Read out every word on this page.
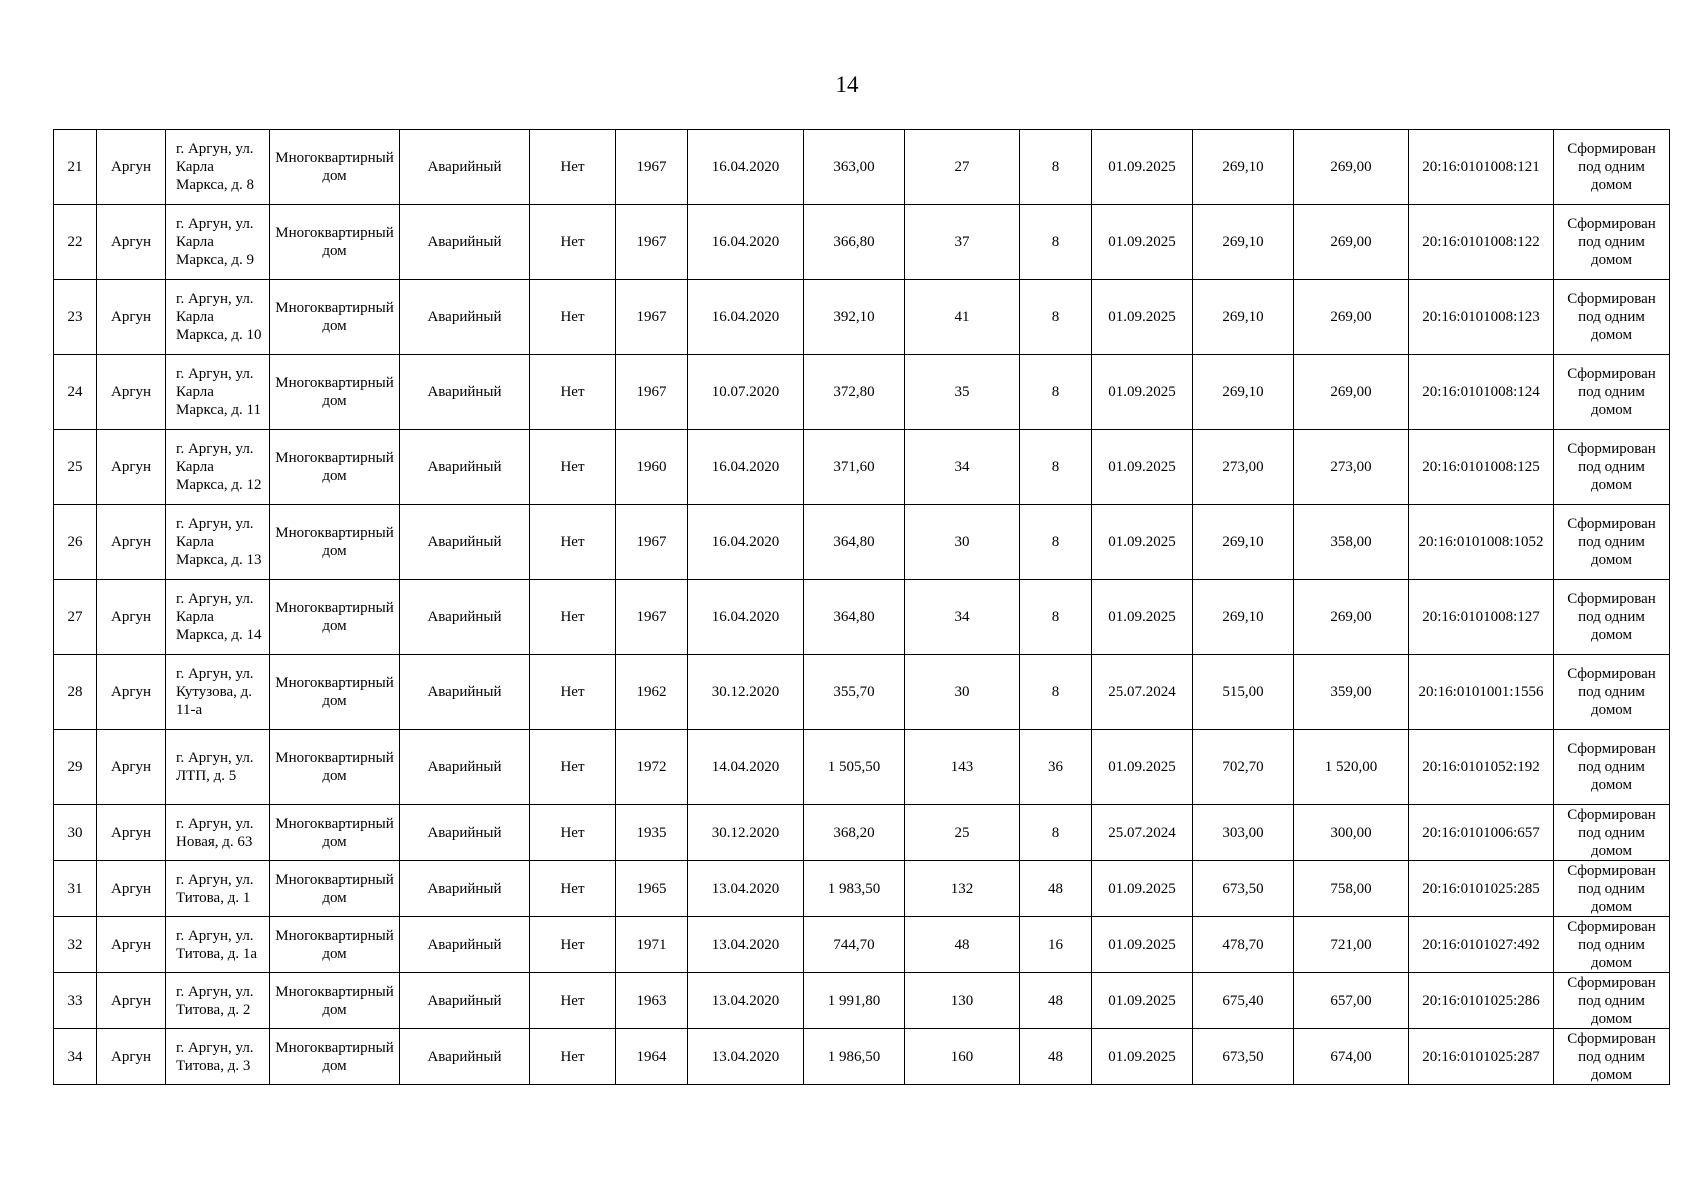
14
21	Аргун	г. Аргун, ул. Карла Маркса, д. 8	Многоквартирный дом	Аварийный	Нет	1967	16.04.2020	363,00	27	8	01.09.2025	269,10	269,00	20:16:0101008:121	Сформирован под одним домом
22	Аргун	г. Аргун, ул. Карла Маркса, д. 9	Многоквартирный дом	Аварийный	Нет	1967	16.04.2020	366,80	37	8	01.09.2025	269,10	269,00	20:16:0101008:122	Сформирован под одним домом
23	Аргун	г. Аргун, ул. Карла Маркса, д. 10	Многоквартирный дом	Аварийный	Нет	1967	16.04.2020	392,10	41	8	01.09.2025	269,10	269,00	20:16:0101008:123	Сформирован под одним домом
24	Аргун	г. Аргун, ул. Карла Маркса, д. 11	Многоквартирный дом	Аварийный	Нет	1967	10.07.2020	372,80	35	8	01.09.2025	269,10	269,00	20:16:0101008:124	Сформирован под одним домом
25	Аргун	г. Аргун, ул. Карла Маркса, д. 12	Многоквартирный дом	Аварийный	Нет	1960	16.04.2020	371,60	34	8	01.09.2025	273,00	273,00	20:16:0101008:125	Сформирован под одним домом
26	Аргун	г. Аргун, ул. Карла Маркса, д. 13	Многоквартирный дом	Аварийный	Нет	1967	16.04.2020	364,80	30	8	01.09.2025	269,10	358,00	20:16:0101008:1052	Сформирован под одним домом
27	Аргун	г. Аргун, ул. Карла Маркса, д. 14	Многоквартирный дом	Аварийный	Нет	1967	16.04.2020	364,80	34	8	01.09.2025	269,10	269,00	20:16:0101008:127	Сформирован под одним домом
28	Аргун	г. Аргун, ул. Кутузова, д. 11-а	Многоквартирный дом	Аварийный	Нет	1962	30.12.2020	355,70	30	8	25.07.2024	515,00	359,00	20:16:0101001:1556	Сформирован под одним домом
29	Аргун	г. Аргун, ул. ЛТП, д. 5	Многоквартирный дом	Аварийный	Нет	1972	14.04.2020	1 505,50	143	36	01.09.2025	702,70	1 520,00	20:16:0101052:192	Сформирован под одним домом
30	Аргун	г. Аргун, ул. Новая, д. 63	Многоквартирный дом	Аварийный	Нет	1935	30.12.2020	368,20	25	8	25.07.2024	303,00	300,00	20:16:0101006:657	Сформирован под одним домом
31	Аргун	г. Аргун, ул. Титова, д. 1	Многоквартирный дом	Аварийный	Нет	1965	13.04.2020	1 983,50	132	48	01.09.2025	673,50	758,00	20:16:0101025:285	Сформирован под одним домом
32	Аргун	г. Аргун, ул. Титова, д. 1а	Многоквартирный дом	Аварийный	Нет	1971	13.04.2020	744,70	48	16	01.09.2025	478,70	721,00	20:16:0101027:492	Сформирован под одним домом
33	Аргун	г. Аргун, ул. Титова, д. 2	Многоквартирный дом	Аварийный	Нет	1963	13.04.2020	1 991,80	130	48	01.09.2025	675,40	657,00	20:16:0101025:286	Сформирован под одним домом
34	Аргун	г. Аргун, ул. Титова, д. 3	Многоквартирный дом	Аварийный	Нет	1964	13.04.2020	1 986,50	160	48	01.09.2025	673,50	674,00	20:16:0101025:287	Сформирован под одним домом
